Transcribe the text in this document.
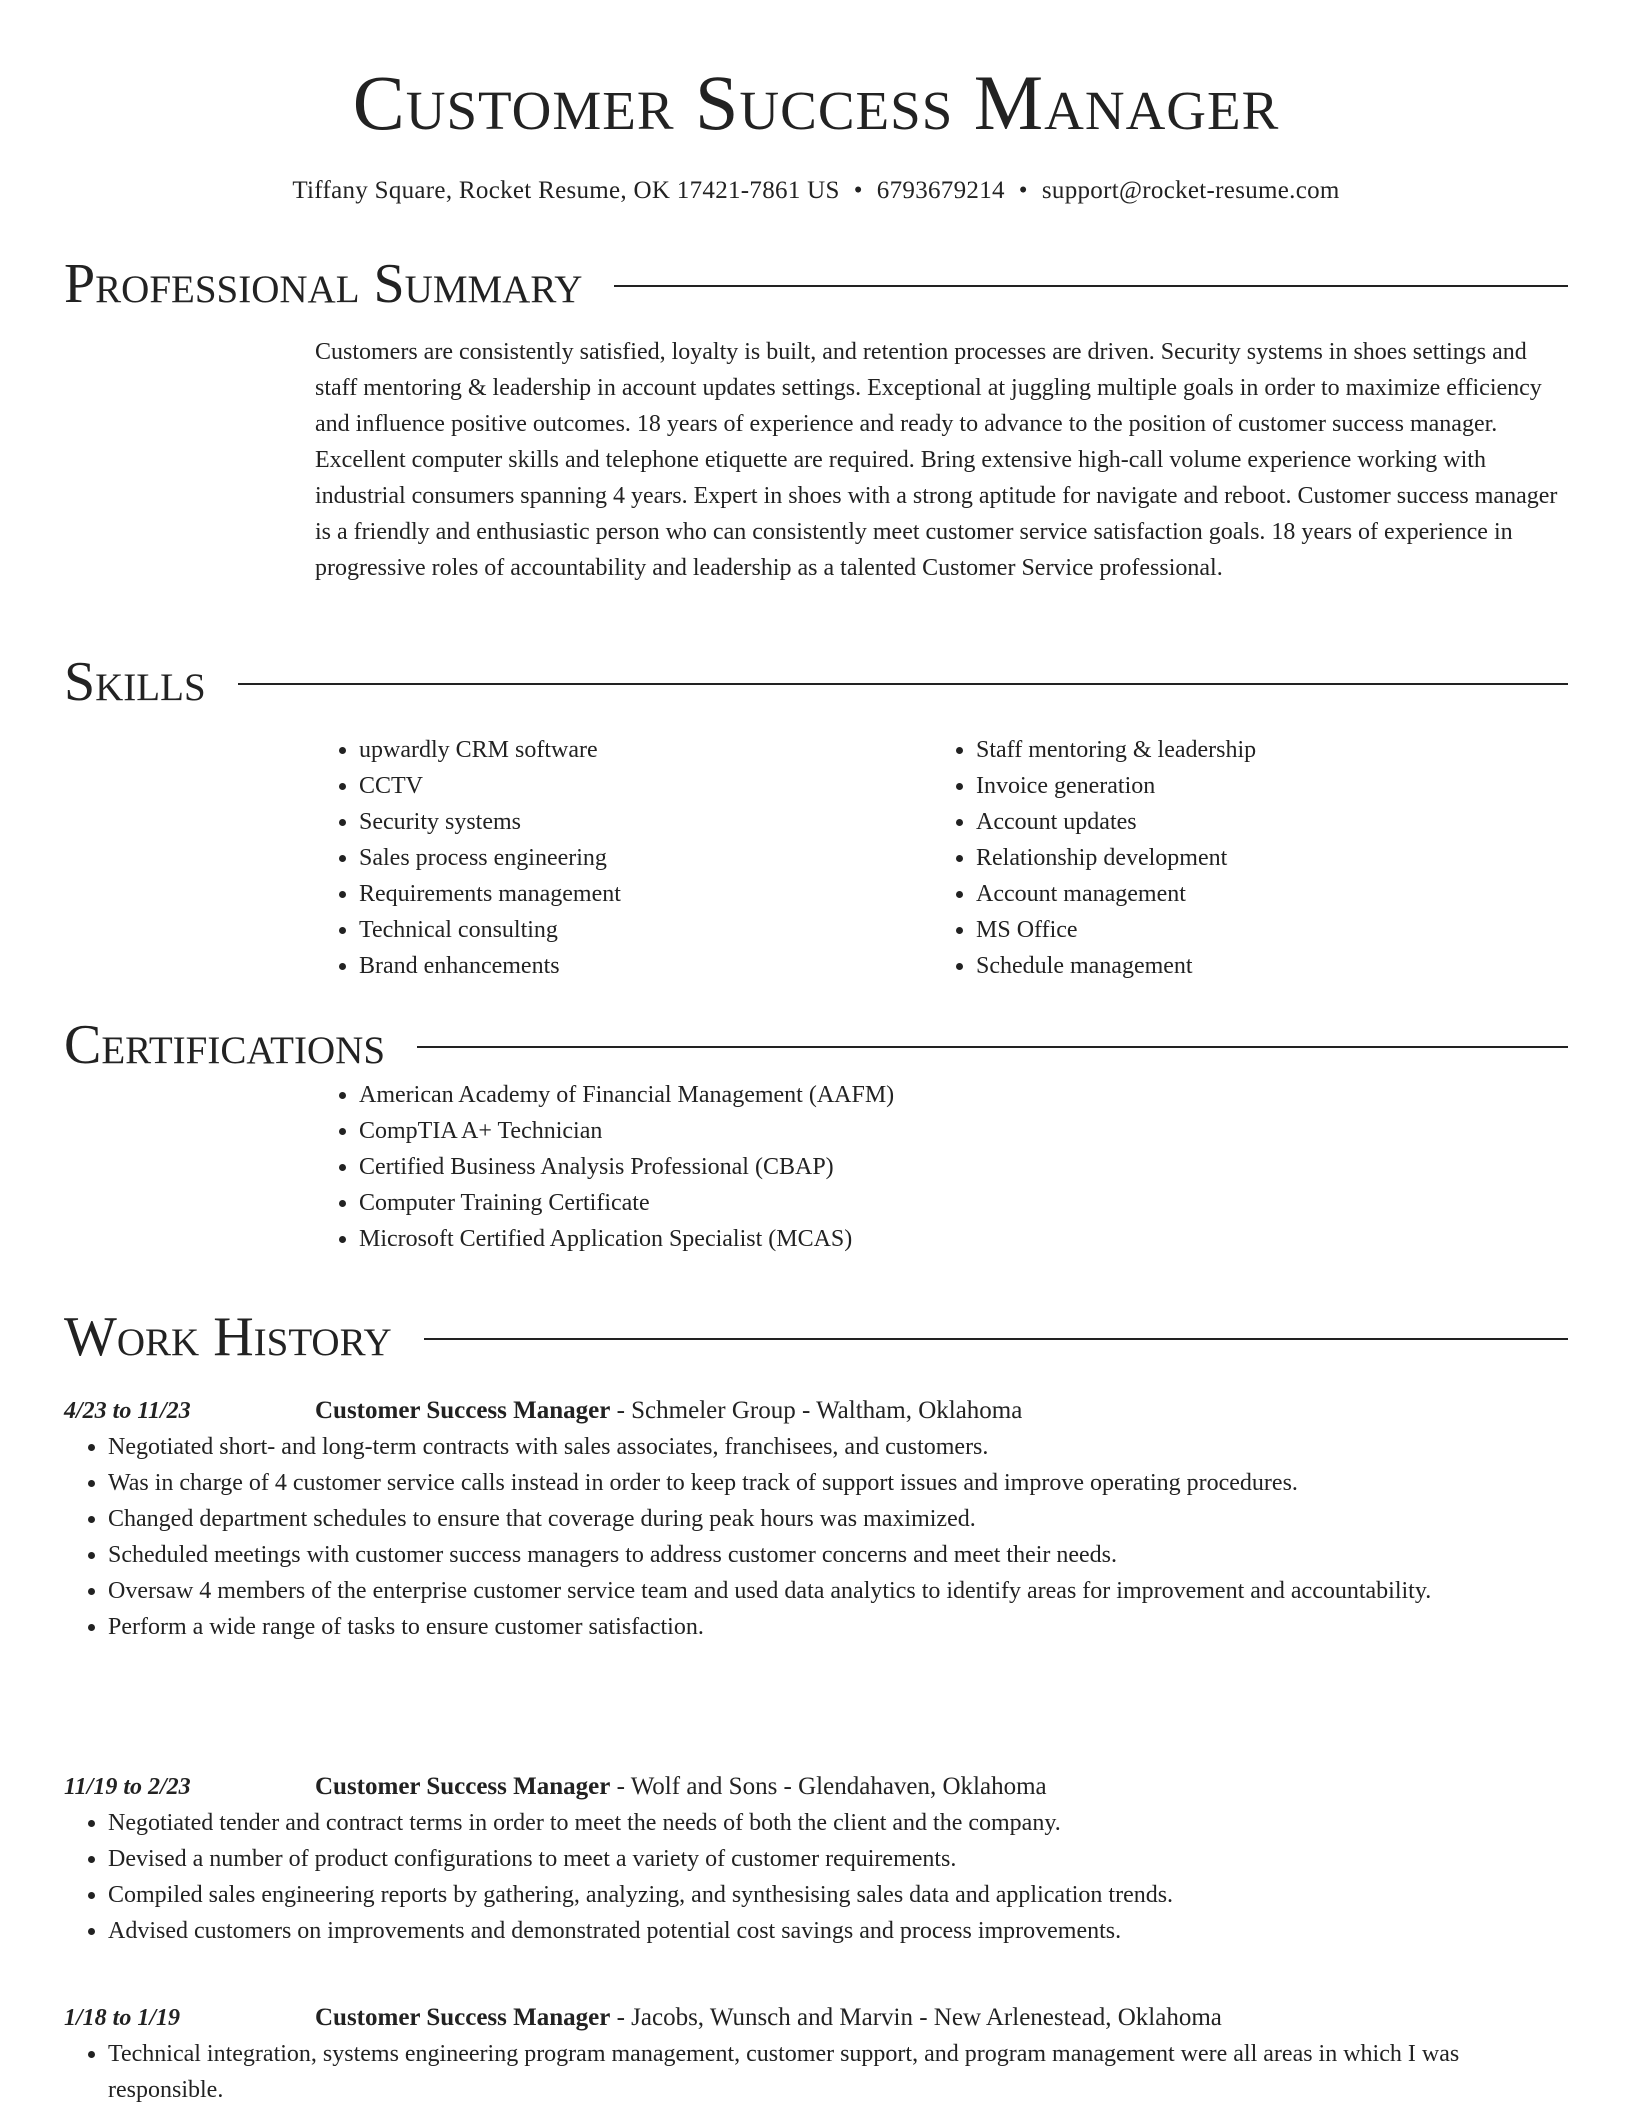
Customer Success Manager
Tiffany Square, Rocket Resume, OK 17421-7861 US • 6793679214 • support@rocket-resume.com
Professional Summary
Customers are consistently satisfied, loyalty is built, and retention processes are driven. Security systems in shoes settings and staff mentoring & leadership in account updates settings. Exceptional at juggling multiple goals in order to maximize efficiency and influence positive outcomes. 18 years of experience and ready to advance to the position of customer success manager. Excellent computer skills and telephone etiquette are required. Bring extensive high-call volume experience working with industrial consumers spanning 4 years. Expert in shoes with a strong aptitude for navigate and reboot. Customer success manager is a friendly and enthusiastic person who can consistently meet customer service satisfaction goals. 18 years of experience in progressive roles of accountability and leadership as a talented Customer Service professional.
Skills
• upwardly CRM software
• CCTV
• Security systems
• Sales process engineering
• Requirements management
• Technical consulting
• Brand enhancements
• Staff mentoring & leadership
• Invoice generation
• Account updates
• Relationship development
• Account management
• MS Office
• Schedule management
Certifications
• American Academy of Financial Management (AAFM)
• CompTIA A+ Technician
• Certified Business Analysis Professional (CBAP)
• Computer Training Certificate
• Microsoft Certified Application Specialist (MCAS)
Work History
4/23 to 11/23	Customer Success Manager - Schmeler Group - Waltham, Oklahoma
• Negotiated short- and long-term contracts with sales associates, franchisees, and customers.
• Was in charge of 4 customer service calls instead in order to keep track of support issues and improve operating procedures.
• Changed department schedules to ensure that coverage during peak hours was maximized.
• Scheduled meetings with customer success managers to address customer concerns and meet their needs.
• Oversaw 4 members of the enterprise customer service team and used data analytics to identify areas for improvement and accountability.
• Perform a wide range of tasks to ensure customer satisfaction.
11/19 to 2/23	Customer Success Manager - Wolf and Sons - Glendahaven, Oklahoma
• Negotiated tender and contract terms in order to meet the needs of both the client and the company.
• Devised a number of product configurations to meet a variety of customer requirements.
• Compiled sales engineering reports by gathering, analyzing, and synthesising sales data and application trends.
• Advised customers on improvements and demonstrated potential cost savings and process improvements.
1/18 to 1/19	Customer Success Manager - Jacobs, Wunsch and Marvin - New Arlenestead, Oklahoma
• Technical integration, systems engineering program management, customer support, and program management were all areas in which I was responsible.
